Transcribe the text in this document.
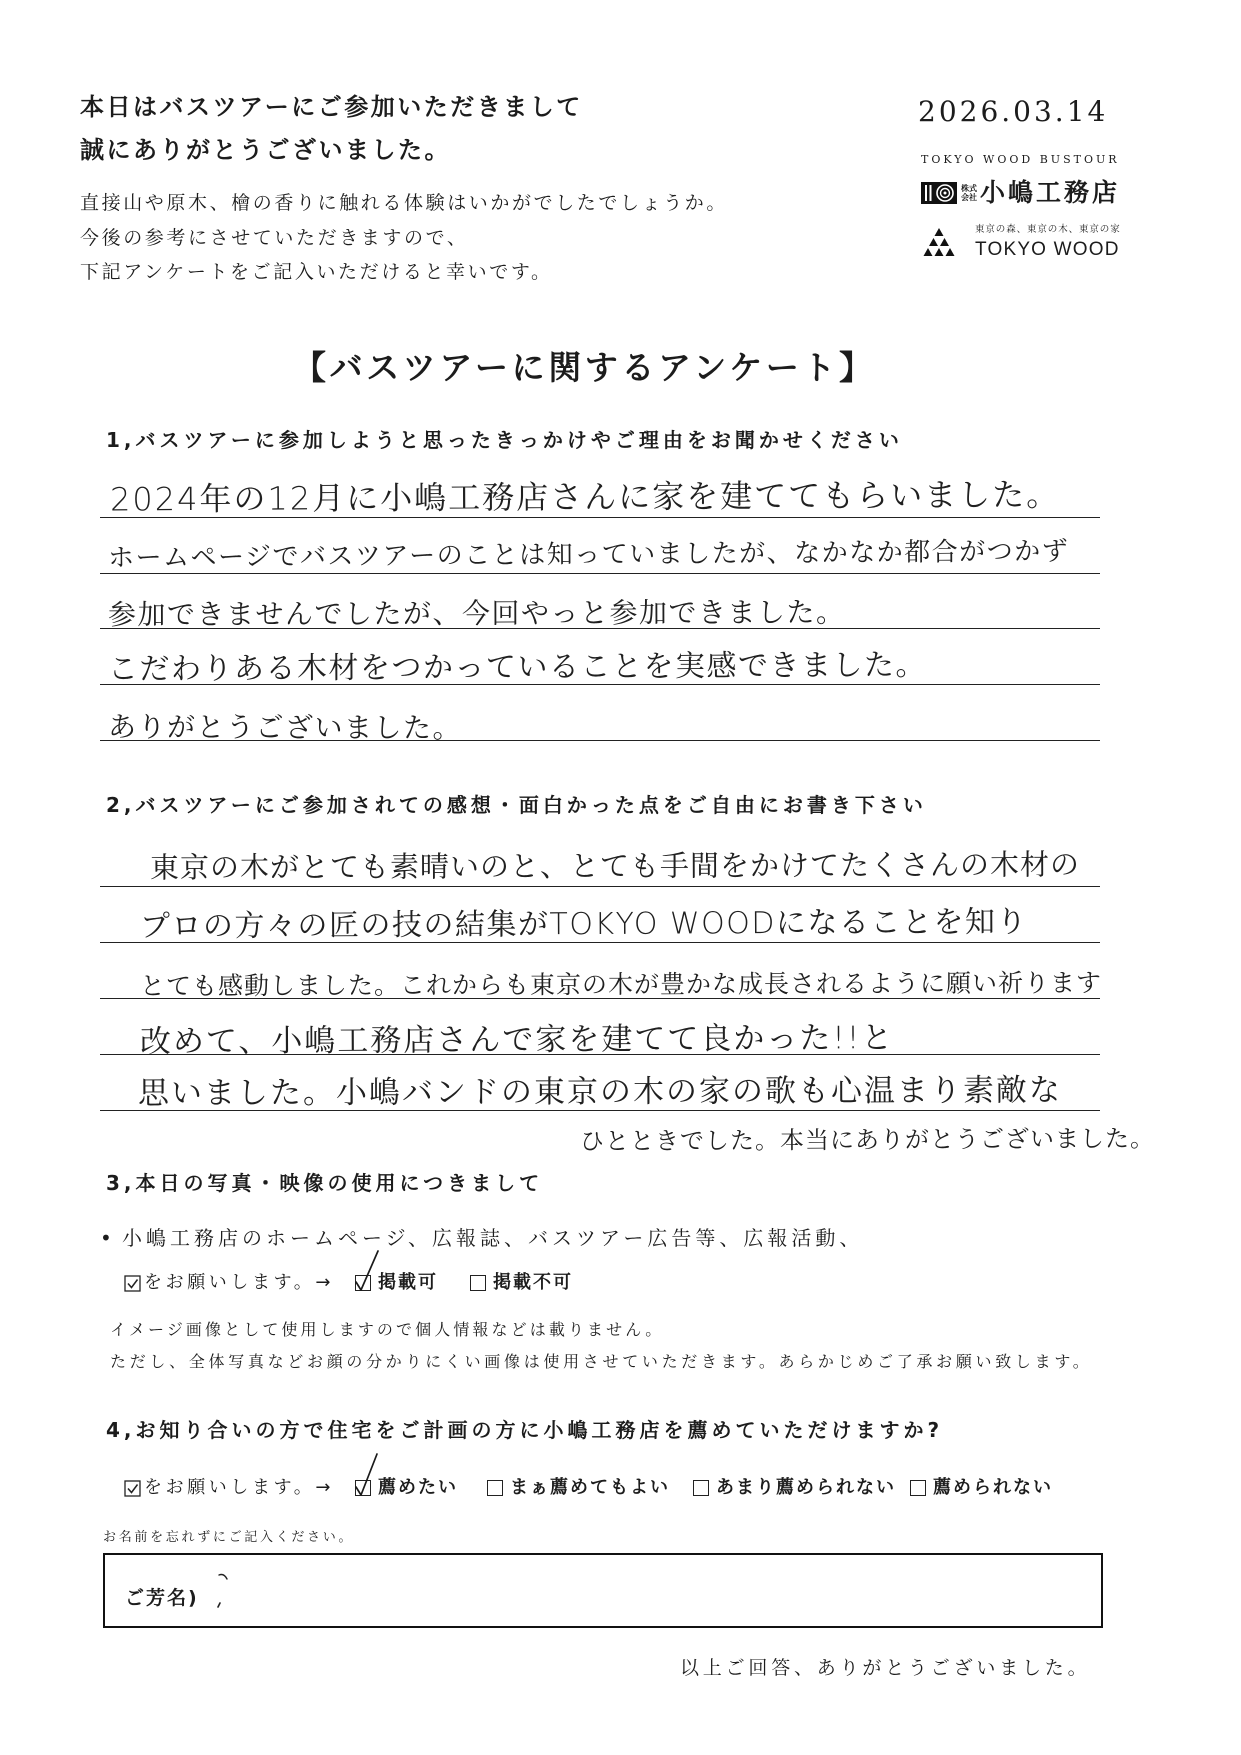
本日はバスツアーにご参加いただきまして
誠にありがとうございました。
直接山や原木、檜の香りに触れる体験はいかがでしたでしょうか。
今後の参考にさせていただきますので、
下記アンケートをご記入いただけると幸いです。
2026.03.14
TOKYO WOOD BUSTOUR
株式会社 小嶋工務店
東京の森、東京の木、東京の家
TOKYO WOOD
【バスツアーに関するアンケート】
1,バスツアーに参加しようと思ったきっかけやご理由をお聞かせください
2024年の12月に小嶋工務店さんに家を建ててもらいました。
ホームページでバスツアーのことは知っていましたが、なかなか都合がつかず
参加できませんでしたが、今回やっと参加できました。
こだわりある木材をつかっていることを実感できました。
ありがとうございました。
2,バスツアーにご参加されての感想・面白かった点をご自由にお書き下さい
東京の木がとても素晴いのと、とても手間をかけてたくさんの木材の
プロの方々の匠の技の結集がTOKYO WOODになることを知り
とても感動しました。これからも東京の木が豊かな成長されるように願い祈ります
改めて、小嶋工務店さんで家を建てて良かった!!と
思いました。小嶋バンドの東京の木の家の歌も心温まり素敵な
ひとときでした。本当にありがとうございました。
3,本日の写真・映像の使用につきまして
• 小嶋工務店のホームページ、広報誌、バスツアー広告等、広報活動、
をお願いします。→ 掲載可	掲載不可
イメージ画像として使用しますので個人情報などは載りません。
ただし、全体写真などお顔の分かりにくい画像は使用させていただきます。あらかじめご了承お願い致します。
4,お知り合いの方で住宅をご計画の方に小嶋工務店を薦めていただけますか?
をお願いします。→ 薦めたい	まぁ薦めてもよい	あまり薦められない 薦められない
お名前を忘れずにご記入ください。
ご芳名)
以上ご回答、ありがとうございました。
